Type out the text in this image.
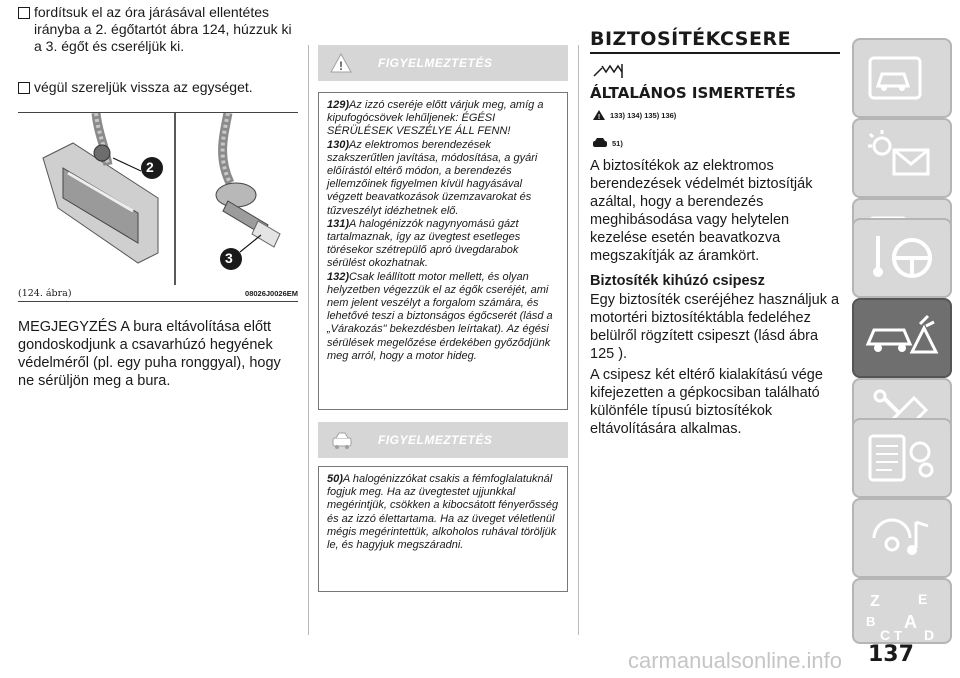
fordítsuk el az óra járásával ellentétes irányba a 2. égőtartót ábra 124, húzzuk ki a 3. égőt és cseréljük ki.
végül szereljük vissza az egységet.
2
3
(124. ábra)	08026J0026EM
MEGJEGYZÉS A bura eltávolítása előtt gondoskodjunk a csavarhúzó hegyének védelméről (pl. egy puha ronggyal), hogy ne sérüljön meg a bura.
!	FIGYELMEZTETÉS

129)Az izzó cseréje előtt várjuk meg, amíg a kipufogócsövek lehűljenek: ÉGÉSI SÉRÜLÉSEK VESZÉLYE ÁLL FENN!

130)Az elektromos berendezések szakszerűtlen javítása, módosítása, a gyári előírástól eltérő módon, a berendezés jellemzőinek figyelmen kívül hagyásával végzett beavatkozások üzemzavarokat és tűzveszélyt idézhetnek elő.

131)A halogénizzók nagynyomású gázt tartalmaznak, így az üvegtest esetleges törésekor szétrepülő apró üvegdarabok sérülést okozhatnak.

132)Csak leállított motor mellett, és olyan helyzetben végezzük el az égők cseréjét, ami nem jelent veszélyt a forgalom számára, és lehetővé teszi a biztonságos égőcserét (lásd a „Várakozás" bekezdésben leírtakat). Az égési sérülések megelőzése érdekében győződjünk meg arról, hogy a motor hideg.

FIGYELMEZTETÉS

50)A halogénizzókat csakis a fémfoglalatuknál fogjuk meg. Ha az üvegtestet ujjunkkal megérintjük, csökken a kibocsátott fényerősség és az izzó élettartama. Ha az üveget véletlenül mégis megérintettük, alkoholos ruhával töröljük le, és hagyjuk megszáradni.

BIZTOSÍTÉKCSERE
ÁLTALÁNOS ISMERTETÉS
! 133) 134) 135) 136)
51)
A biztosítékok az elektromos berendezések védelmét biztosítják azáltal, hogy a berendezés meghibásodása vagy helytelen kezelése esetén beavatkozva megszakítják az áramkört.
Biztosíték kihúzó csipesz
Egy biztosíték cseréjéhez használjuk a motortéri biztosítéktábla fedeléhez belülről rögzített csipeszt (lásd ábra 125 ).
A csipesz két eltérő kialakítású vége kifejezetten a gépkocsiban található különféle típusú biztosítékok eltávolítására alkalmas.
Z	E
B A
C D
T
137
carmanualsonline.info
